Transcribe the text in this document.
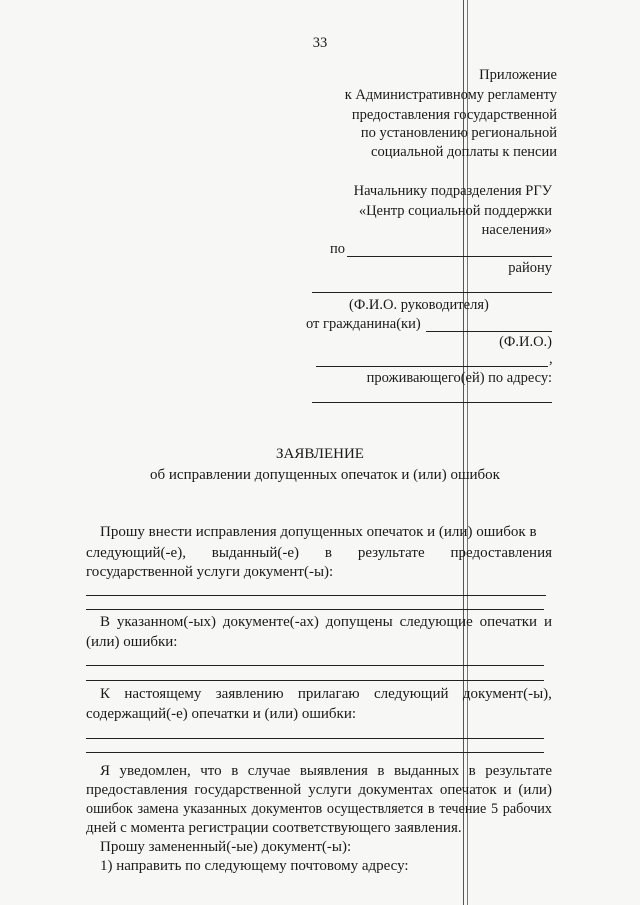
33
Приложение
к Административному регламенту
предоставления государственной
по установлению региональной
социальной доплаты к пенсии
Начальнику подразделения РГУ
«Центр социальной поддержки
населения»
по
району
(Ф.И.О. руководителя)
от гражданина(ки)
(Ф.И.О.)
,
проживающего(ей) по адресу:
ЗАЯВЛЕНИЕ
об исправлении допущенных опечаток и (или) ошибок
Прошу внести исправления допущенных опечаток и (или) ошибок в
следующий(-е), выданный(-е) в результате предоставления
государственной услуги документ(-ы):
В указанном(-ых) документе(-ах) допущены следующие опечатки и
(или) ошибки:
К настоящему заявлению прилагаю следующий документ(-ы),
содержащий(-е) опечатки и (или) ошибки:
Я уведомлен, что в случае выявления в выданных в результате
предоставления государственной услуги документах опечаток и (или)
ошибок замена указанных документов осуществляется в течение 5 рабочих
дней с момента регистрации соответствующего заявления.
Прошу замененный(-ые) документ(-ы):
1) направить по следующему почтовому адресу:
